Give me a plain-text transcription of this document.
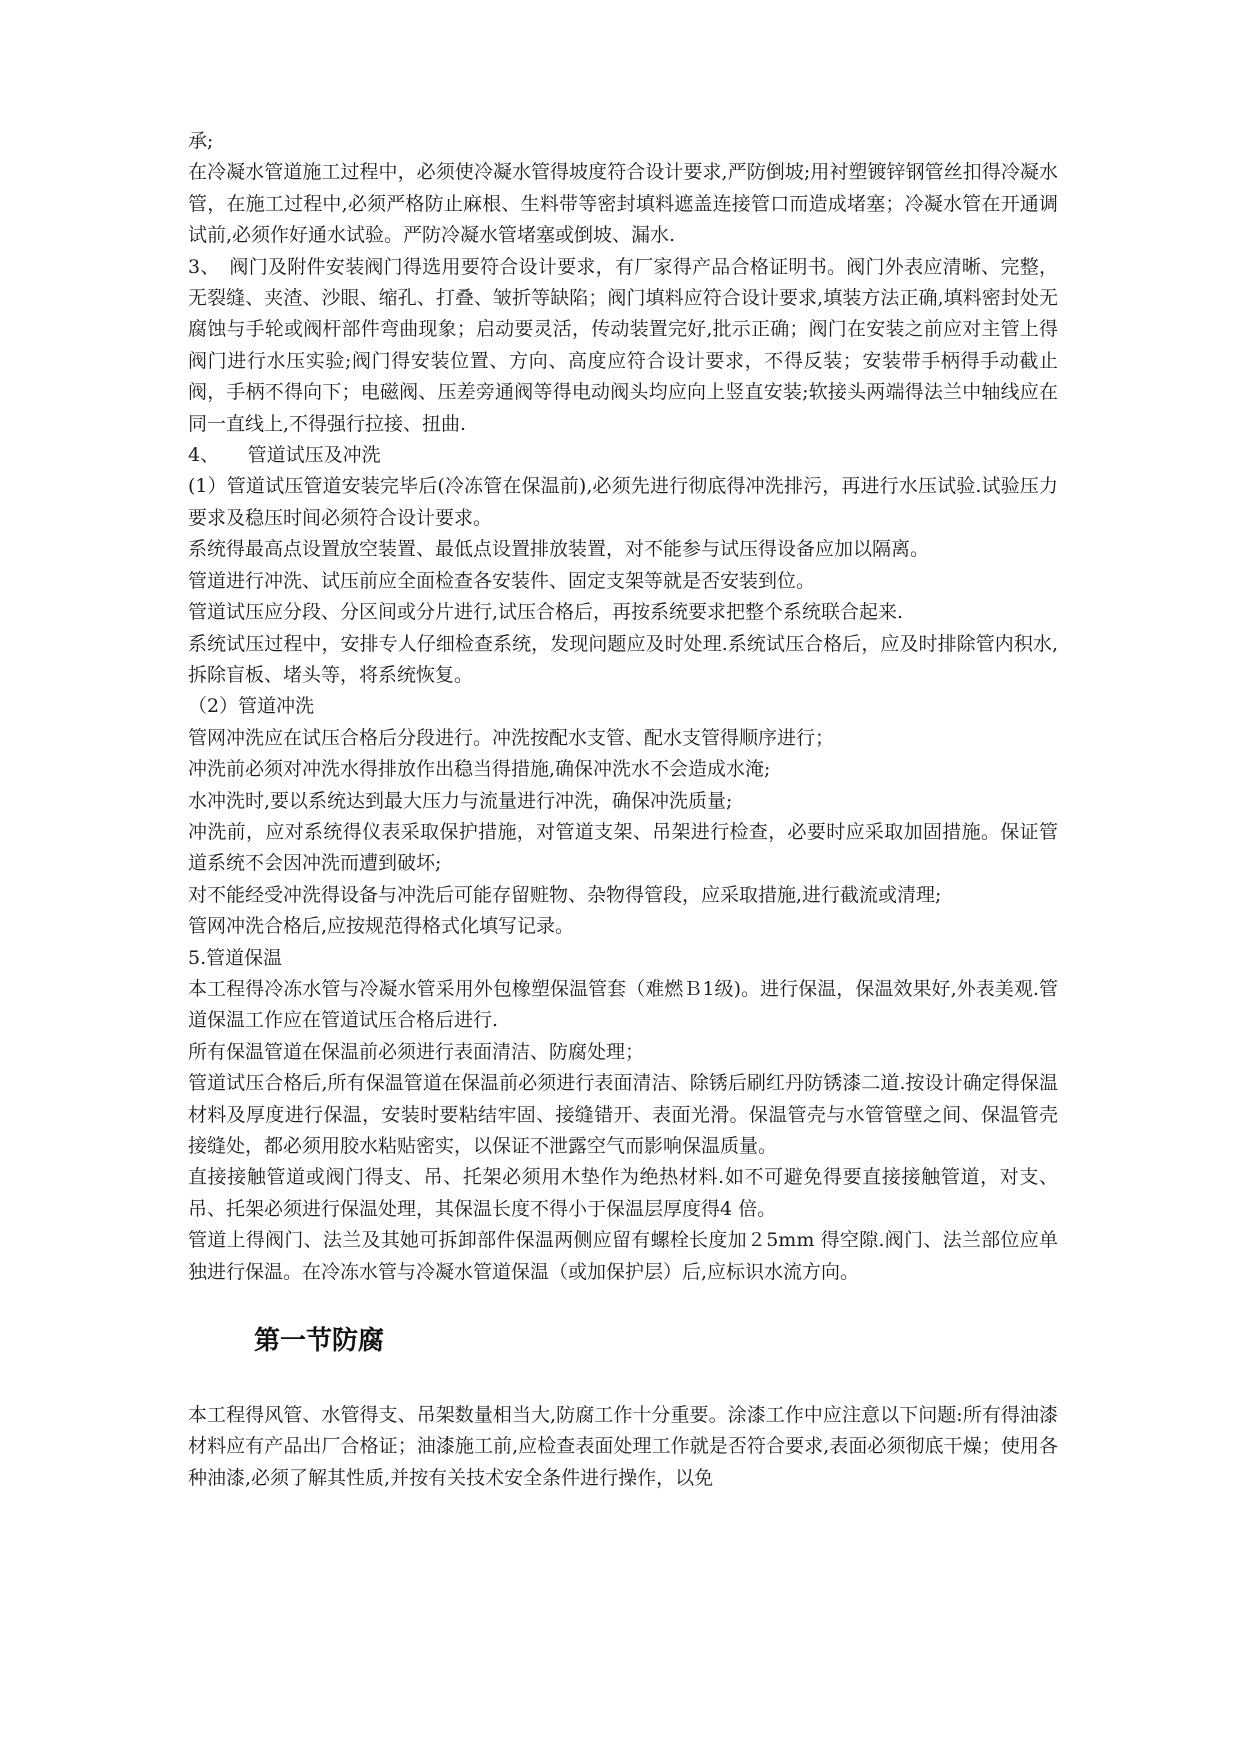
承;

在冷凝水管道施工过程中，必须使冷凝水管得坡度符合设计要求,严防倒坡;用衬塑镀锌钢管丝扣得冷凝水管，在施工过程中,必须严格防止麻根、生料带等密封填料遮盖连接管口而造成堵塞；冷凝水管在开通调试前,必须作好通水试验。严防冷凝水管堵塞或倒坡、漏水.

3、　阀门及附件安装阀门得选用要符合设计要求，有厂家得产品合格证明书。阀门外表应清晰、完整，无裂缝、夹渣、沙眼、缩孔、打叠、皱折等缺陷；阀门填料应符合设计要求,填装方法正确,填料密封处无腐蚀与手轮或阀杆部件弯曲现象；启动要灵活，传动装置完好,批示正确；阀门在安装之前应对主管上得阀门进行水压实验;阀门得安装位置、方向、高度应符合设计要求，不得反装；安装带手柄得手动截止阀，手柄不得向下；电磁阀、压差旁通阀等得电动阀头均应向上竖直安装;软接头两端得法兰中轴线应在同一直线上,不得强行拉接、扭曲.

4、　　管道试压及冲洗

(1）管道试压管道安装完毕后(冷冻管在保温前),必须先进行彻底得冲洗排污，再进行水压试验.试验压力要求及稳压时间必须符合设计要求。

系统得最高点设置放空装置、最低点设置排放装置，对不能参与试压得设备应加以隔离。

管道进行冲洗、试压前应全面检查各安装件、固定支架等就是否安装到位。

管道试压应分段、分区间或分片进行,试压合格后，再按系统要求把整个系统联合起来.

系统试压过程中，安排专人仔细检查系统，发现问题应及时处理.系统试压合格后，应及时排除管内积水,拆除盲板、堵头等，将系统恢复。

（2）管道冲洗

管网冲洗应在试压合格后分段进行。冲洗按配水支管、配水支管得顺序进行；

冲洗前必须对冲洗水得排放作出稳当得措施,确保冲洗水不会造成水淹;

水冲洗时,要以系统达到最大压力与流量进行冲洗，确保冲洗质量;

冲洗前，应对系统得仪表采取保护措施，对管道支架、吊架进行检查，必要时应采取加固措施。保证管道系统不会因冲洗而遭到破坏;

对不能经受冲洗得设备与冲洗后可能存留赃物、杂物得管段，应采取措施,进行截流或清理;

管网冲洗合格后,应按规范得格式化填写记录。

5.管道保温

本工程得冷冻水管与冷凝水管采用外包橡塑保温管套（难燃Ｂ1级)。进行保温，保温效果好,外表美观.管道保温工作应在管道试压合格后进行.

所有保温管道在保温前必须进行表面清洁、防腐处理；

管道试压合格后,所有保温管道在保温前必须进行表面清洁、除锈后刷红丹防锈漆二道.按设计确定得保温材料及厚度进行保温，安装时要粘结牢固、接缝错开、表面光滑。保温管壳与水管管壁之间、保温管壳接缝处，都必须用胶水粘贴密实，以保证不泄露空气而影响保温质量。

直接接触管道或阀门得支、吊、托架必须用木垫作为绝热材料.如不可避免得要直接接触管道，对支、吊、托架必须进行保温处理，其保温长度不得小于保温层厚度得4 倍。

管道上得阀门、法兰及其她可拆卸部件保温两侧应留有螺栓长度加２5mm 得空隙.阀门、法兰部位应单独进行保温。在冷冻水管与冷凝水管道保温（或加保护层）后,应标识水流方向。

第一节防腐

本工程得风管、水管得支、吊架数量相当大,防腐工作十分重要。涂漆工作中应注意以下问题:所有得油漆材料应有产品出厂合格证；油漆施工前,应检查表面处理工作就是否符合要求,表面必须彻底干燥；使用各种油漆,必须了解其性质,并按有关技术安全条件进行操作，以免
